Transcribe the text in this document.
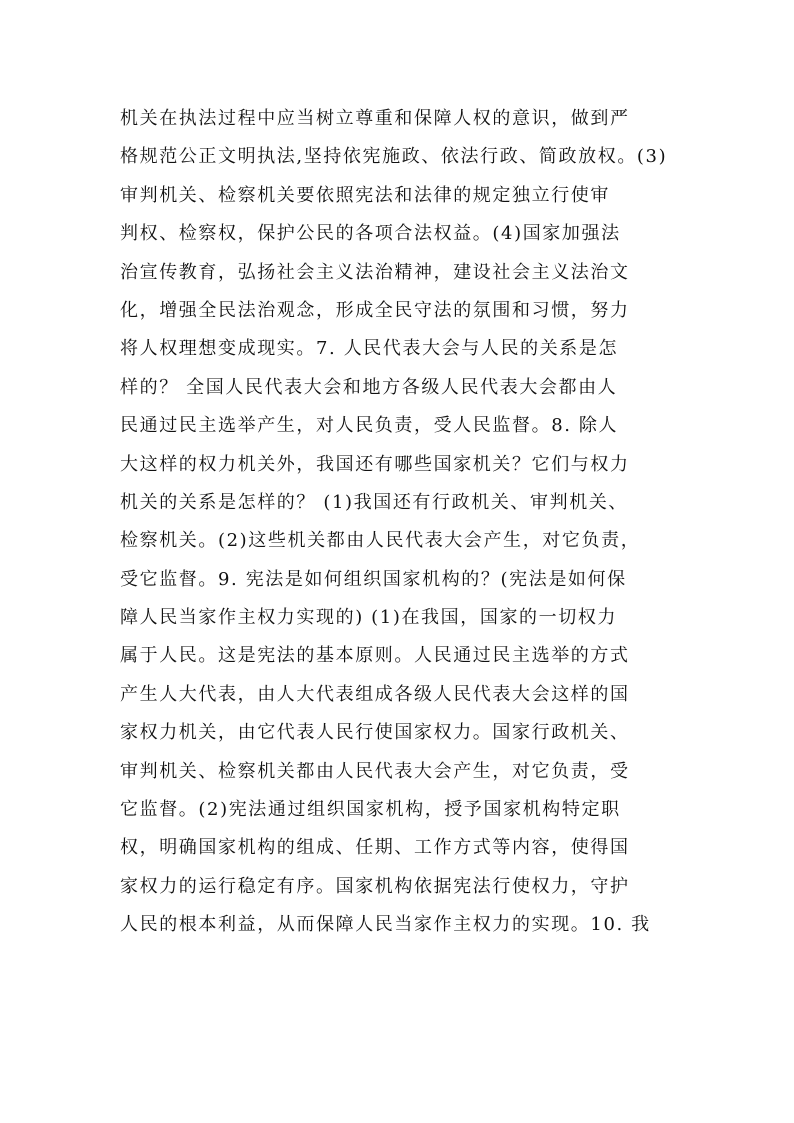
机关在执法过程中应当树立尊重和保障人权的意识，做到严
格规范公正文明执法,坚持依宪施政、依法行政、简政放权。(3)
审判机关、检察机关要依照宪法和法律的规定独立行使审
判权、检察权，保护公民的各项合法权益。(4)国家加强法
治宣传教育，弘扬社会主义法治精神，建设社会主义法治文
化，增强全民法治观念，形成全民守法的氛围和习惯，努力
将人权理想变成现实。7. 人民代表大会与人民的关系是怎
样的？ 全国人民代表大会和地方各级人民代表大会都由人
民通过民主选举产生，对人民负责，受人民监督。8. 除人
大这样的权力机关外，我国还有哪些国家机关？它们与权力
机关的关系是怎样的？ (1)我国还有行政机关、审判机关、
检察机关。(2)这些机关都由人民代表大会产生，对它负责，
受它监督。9. 宪法是如何组织国家机构的？(宪法是如何保
障人民当家作主权力实现的) (1)在我国，国家的一切权力
属于人民。这是宪法的基本原则。人民通过民主选举的方式
产生人大代表，由人大代表组成各级人民代表大会这样的国
家权力机关，由它代表人民行使国家权力。国家行政机关、
审判机关、检察机关都由人民代表大会产生，对它负责，受
它监督。(2)宪法通过组织国家机构，授予国家机构特定职
权，明确国家机构的组成、任期、工作方式等内容，使得国
家权力的运行稳定有序。国家机构依据宪法行使权力，守护
人民的根本利益，从而保障人民当家作主权力的实现。10. 我
